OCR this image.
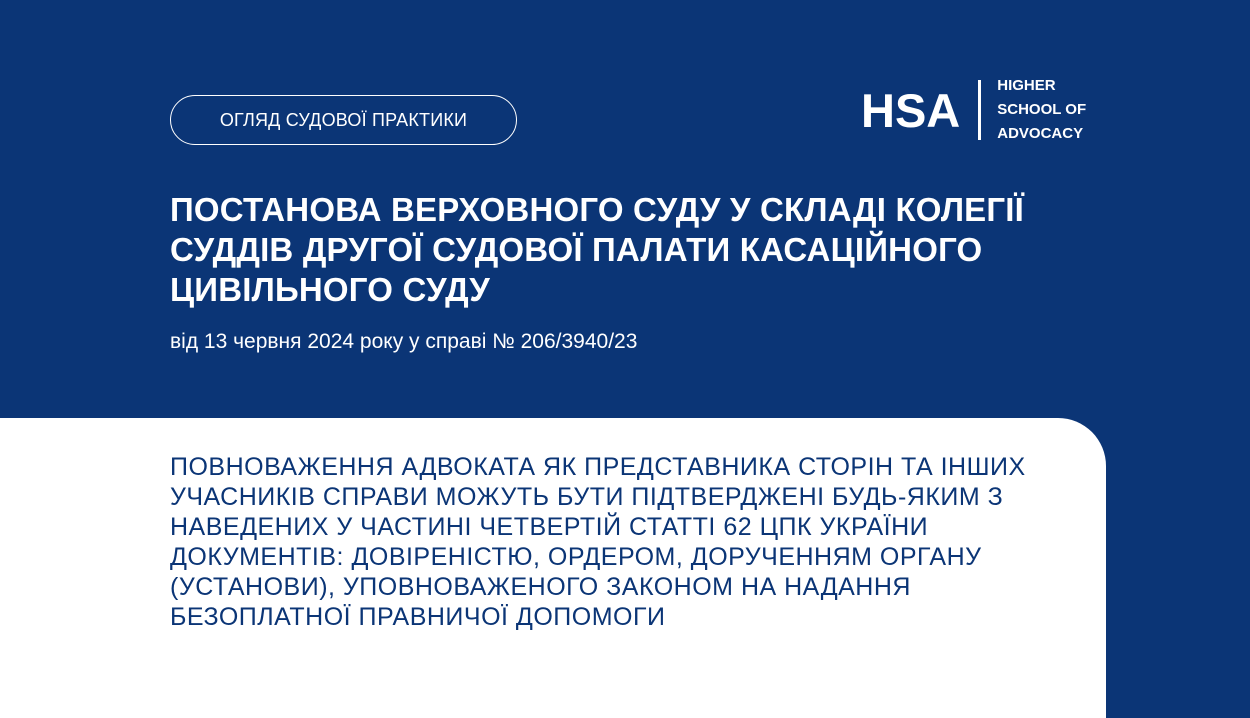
ОГЛЯД СУДОВОЇ ПРАКТИКИ	HSA HIGHER
SCHOOL OF
ADVOCACY
ПОСТАНОВА ВЕРХОВНОГО СУДУ У СКЛАДІ КОЛЕГІЇ СУДДІВ ДРУГОЇ СУДОВОЇ ПАЛАТИ КАСАЦІЙНОГО ЦИВІЛЬНОГО СУДУ
від 13 червня 2024 року у справі № 206/3940/23

ПОВНОВАЖЕННЯ АДВОКАТА ЯК ПРЕДСТАВНИКА СТОРІН ТА ІНШИХ УЧАСНИКІВ СПРАВИ МОЖУТЬ БУТИ ПІДТВЕРДЖЕНІ БУДЬ-ЯКИМ З НАВЕДЕНИХ У ЧАСТИНІ ЧЕТВЕРТІЙ СТАТТІ 62 ЦПК УКРАЇНИ ДОКУМЕНТІВ: ДОВІРЕНІСТЮ, ОРДЕРОМ, ДОРУЧЕННЯМ ОРГАНУ (УСТАНОВИ), УПОВНОВАЖЕНОГО ЗАКОНОМ НА НАДАННЯ БЕЗОПЛАТНОЇ ПРАВНИЧОЇ ДОПОМОГИ
